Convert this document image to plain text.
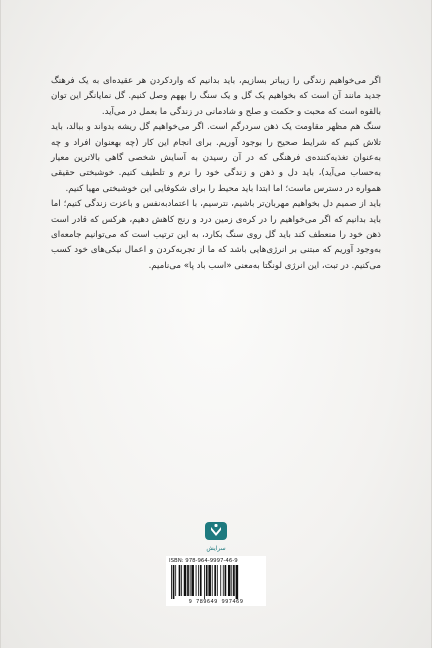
اگر می‌خواهیم زندگی را زیباتر بسازیم، باید بدانیم که واردکردن هر عقیده‌ای به یک فرهنگ جدید مانند آن است که بخواهیم یک گل و یک سنگ را بههم وصل کنیم. گل نمایانگر این توان بالقوه است که محبت و حکمت و صلح و شادمانی در زندگی ما بعمل در می‌آید.

سنگ هم مظهر مقاومت یک ذهن سردرگم است. اگر می‌خواهیم گل ریشه بدواند و ببالد، باید تلاش کنیم که شرایط صحیح را بوجود آوریم. برای انجام این کار (چه بهعنوان افراد و چه به‌عنوان تغذیه‌کننده‌ی فرهنگی که در آن رسیدن به آسایش شخصی گاهی بالاترین معیار به‌حساب می‌آید)، باید دل و ذهن و زندگی خود را نرم و تلطیف کنیم. خوشبختی حقیقی همواره در دسترس ماست؛ اما ابتدا باید محیط را برای شکوفایی این خوشبختی مهیا کنیم.

باید از صمیم دل بخواهیم مهربان‌تر باشیم، نترسیم، با اعتمادبه‌نفس و باعزت زندگی کنیم؛ اما باید بدانیم که اگر می‌خواهیم را در کره‌ی زمین درد و رنج کاهش دهیم، هرکس که قادر است ذهن خود را منعطف کند باید گل روی سنگ بکارد، به این ترتیب است که می‌توانیم جامعه‌ای به‌وجود آوریم که مبتنی بر انرژی‌هایی باشد که ما از تجربه‌کردن و اعمال نیکی‌های خود کسب می‌کنیم. در تبت، این انرژی لونگتا به‌معنی «اسب باد پا» می‌نامیم.

سرایش
ISBN: 978-964-9997-46-9
9 789649 997469
